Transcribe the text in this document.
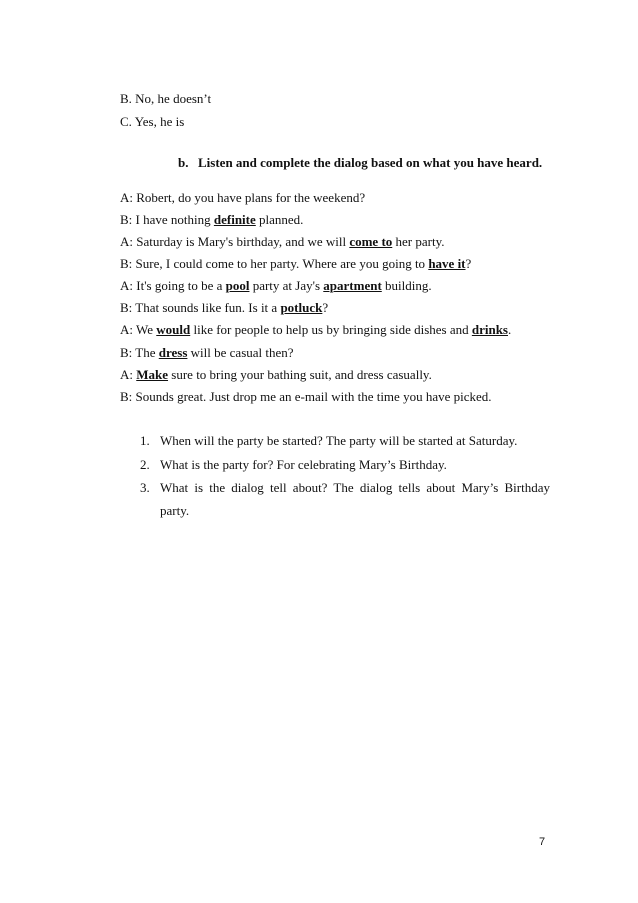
B. No, he doesn’t
C. Yes, he is
b. Listen and complete the dialog based on what you have heard.
A: Robert, do you have plans for the weekend?
B: I have nothing definite planned.
A: Saturday is Mary's birthday, and we will come to her party.
B: Sure, I could come to her party. Where are you going to have it?
A: It's going to be a pool party at Jay's apartment building.
B: That sounds like fun. Is it a potluck?
A: We would like for people to help us by bringing side dishes and drinks.
B: The dress will be casual then?
A: Make sure to bring your bathing suit, and dress casually.
B: Sounds great. Just drop me an e-mail with the time you have picked.
1. When will the party be started? The party will be started at Saturday.
2. What is the party for? For celebrating Mary’s Birthday.
3. What is the dialog tell about? The dialog tells about Mary’s Birthday
party.
7
